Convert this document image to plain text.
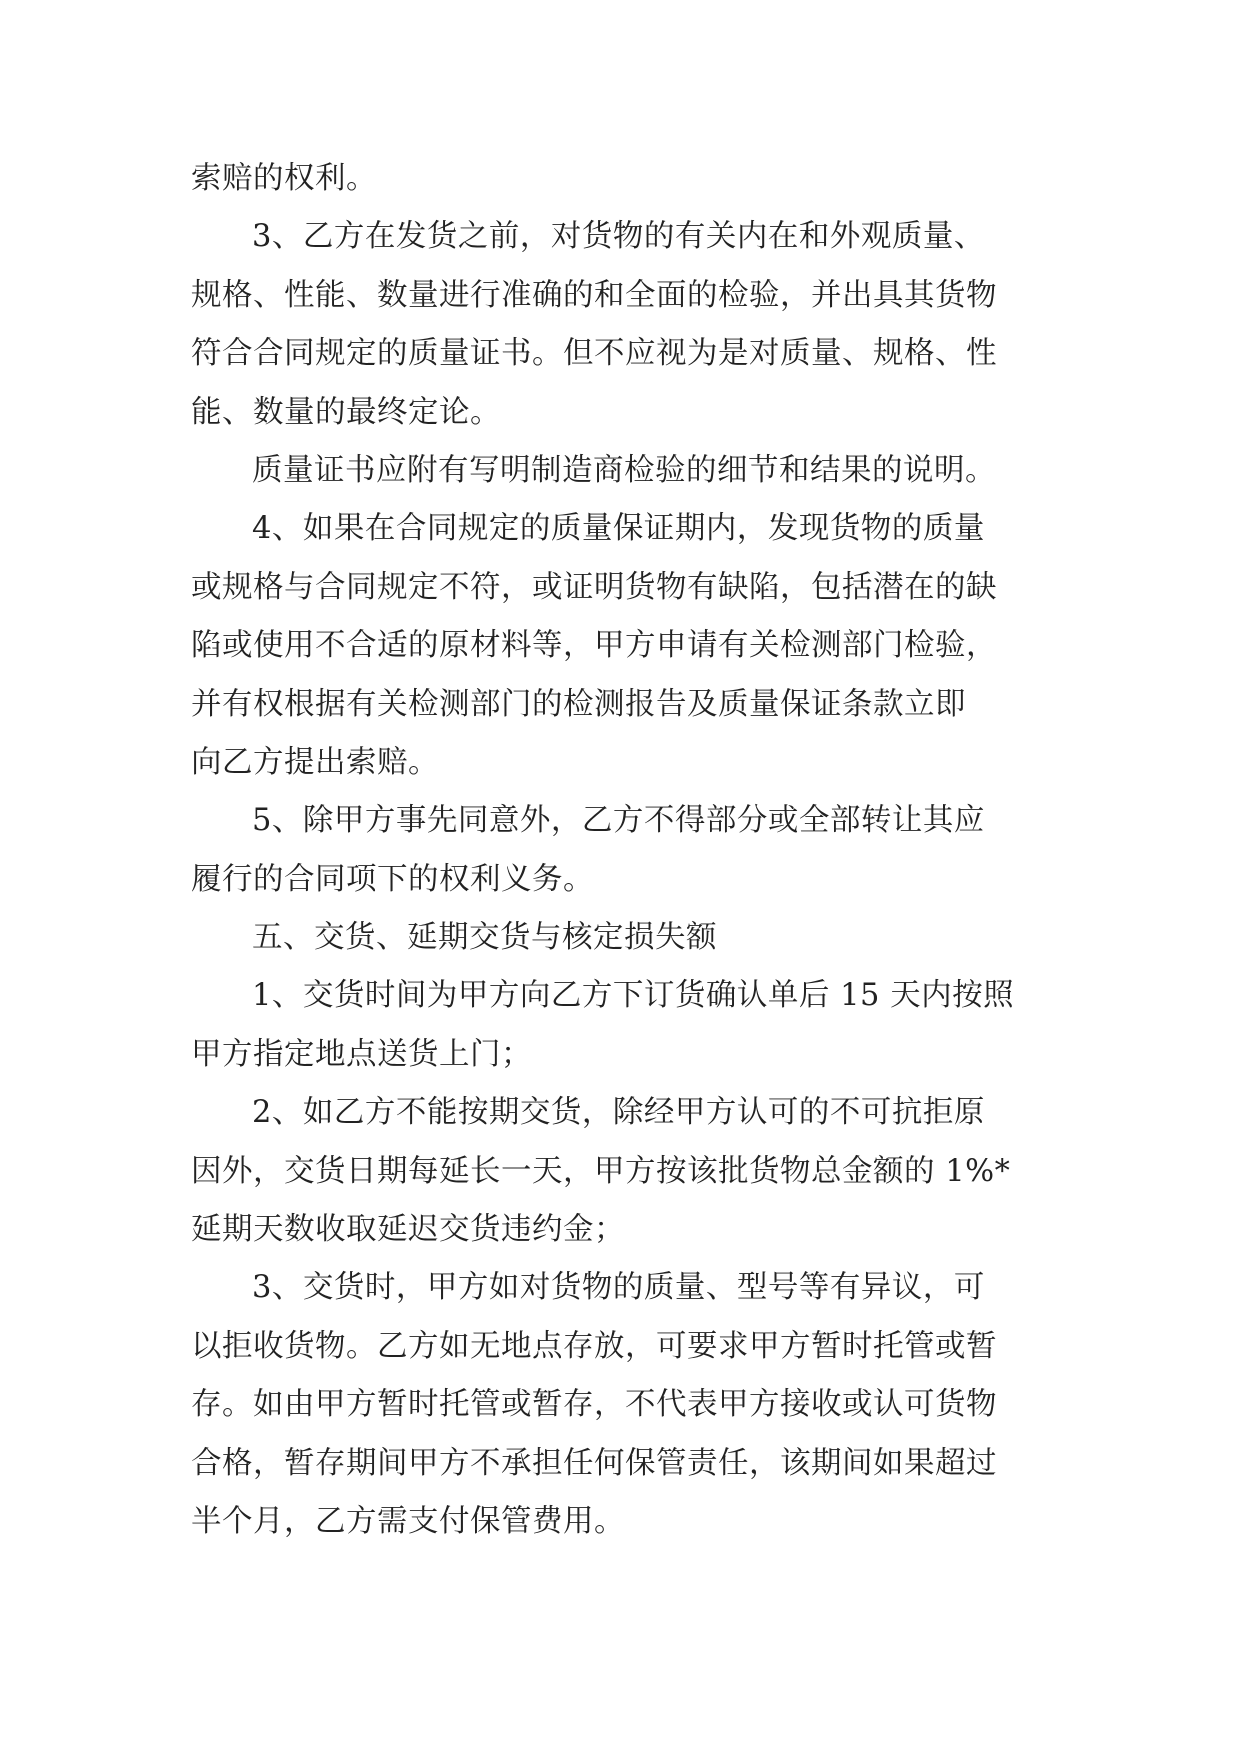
索赔的权利。
3、乙方在发货之前，对货物的有关内在和外观质量、
规格、性能、数量进行准确的和全面的检验，并出具其货物
符合合同规定的质量证书。但不应视为是对质量、规格、性
能、数量的最终定论。
质量证书应附有写明制造商检验的细节和结果的说明。
4、如果在合同规定的质量保证期内，发现货物的质量
或规格与合同规定不符，或证明货物有缺陷，包括潜在的缺
陷或使用不合适的原材料等，甲方申请有关检测部门检验，
并有权根据有关检测部门的检测报告及质量保证条款立即
向乙方提出索赔。
5、除甲方事先同意外，乙方不得部分或全部转让其应
履行的合同项下的权利义务。
五、交货、延期交货与核定损失额
1、交货时间为甲方向乙方下订货确认单后 15 天内按照
甲方指定地点送货上门；
2、如乙方不能按期交货，除经甲方认可的不可抗拒原
因外，交货日期每延长一天，甲方按该批货物总金额的 1%*
延期天数收取延迟交货违约金；
3、交货时，甲方如对货物的质量、型号等有异议，可
以拒收货物。乙方如无地点存放，可要求甲方暂时托管或暂
存。如由甲方暂时托管或暂存，不代表甲方接收或认可货物
合格，暂存期间甲方不承担任何保管责任，该期间如果超过
半个月，乙方需支付保管费用。
